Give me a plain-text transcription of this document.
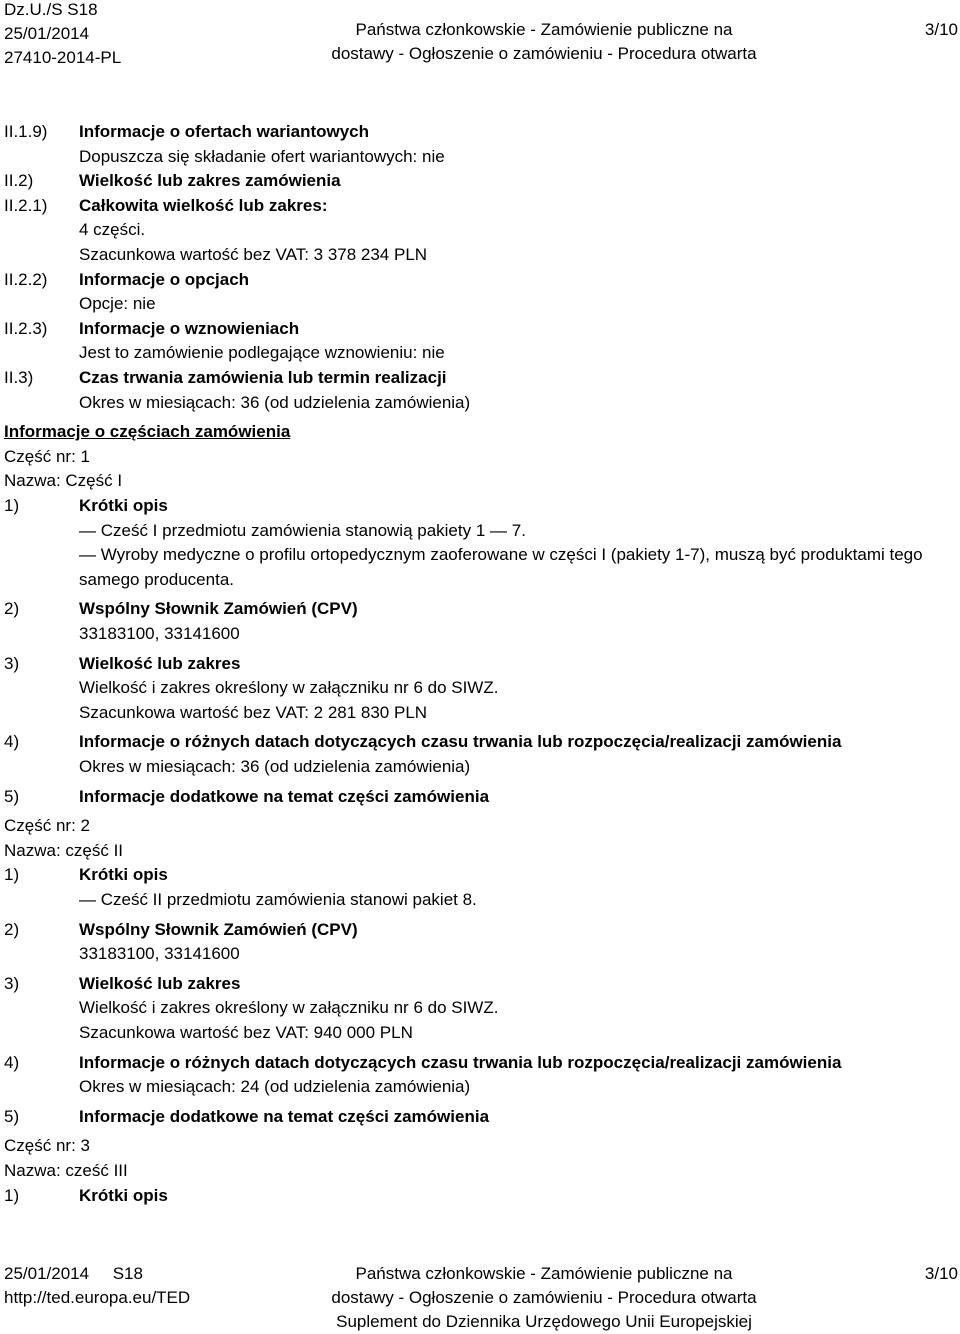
Dz.U./S S18
25/01/2014
27410-2014-PL
Państwa członkowskie - Zamówienie publiczne na
dostawy - Ogłoszenie o zamówieniu - Procedura otwarta
3/10
II.1.9) Informacje o ofertach wariantowych
Dopuszcza się składanie ofert wariantowych: nie
II.2)	Wielkość lub zakres zamówienia
II.2.1) Całkowita wielkość lub zakres:
4 części.
Szacunkowa wartość bez VAT: 3 378 234 PLN
II.2.2) Informacje o opcjach
Opcje: nie
II.2.3) Informacje o wznowieniach
Jest to zamówienie podlegające wznowieniu: nie
II.3)	Czas trwania zamówienia lub termin realizacji
Okres w miesiącach: 36 (od udzielenia zamówienia)
Informacje o częściach zamówienia
Część nr: 1
Nazwa: Część I
1)	Krótki opis
— Cześć I przedmiotu zamówienia stanowią pakiety 1 — 7.
— Wyroby medyczne o profilu ortopedycznym zaoferowane w części I (pakiety 1-7), muszą być produktami tego
samego producenta.
2)	Wspólny Słownik Zamówień (CPV)
33183100, 33141600
3)	Wielkość lub zakres
Wielkość i zakres określony w załączniku nr 6 do SIWZ.
Szacunkowa wartość bez VAT: 2 281 830 PLN
4)	Informacje o różnych datach dotyczących czasu trwania lub rozpoczęcia/realizacji zamówienia
Okres w miesiącach: 36 (od udzielenia zamówienia)
5)	Informacje dodatkowe na temat części zamówienia
Część nr: 2
Nazwa: część II
1)	Krótki opis
— Cześć II przedmiotu zamówienia stanowi pakiet 8.
2)	Wspólny Słownik Zamówień (CPV)
33183100, 33141600
3)	Wielkość lub zakres
Wielkość i zakres określony w załączniku nr 6 do SIWZ.
Szacunkowa wartość bez VAT: 940 000 PLN
4)	Informacje o różnych datach dotyczących czasu trwania lub rozpoczęcia/realizacji zamówienia
Okres w miesiącach: 24 (od udzielenia zamówienia)
5)	Informacje dodatkowe na temat części zamówienia
Część nr: 3
Nazwa: cześć III
1)	Krótki opis
25/01/2014 S18
http://ted.europa.eu/TED
Państwa członkowskie - Zamówienie publiczne na
dostawy - Ogłoszenie o zamówieniu - Procedura otwarta
Suplement do Dziennika Urzędowego Unii Europejskiej
3/10
